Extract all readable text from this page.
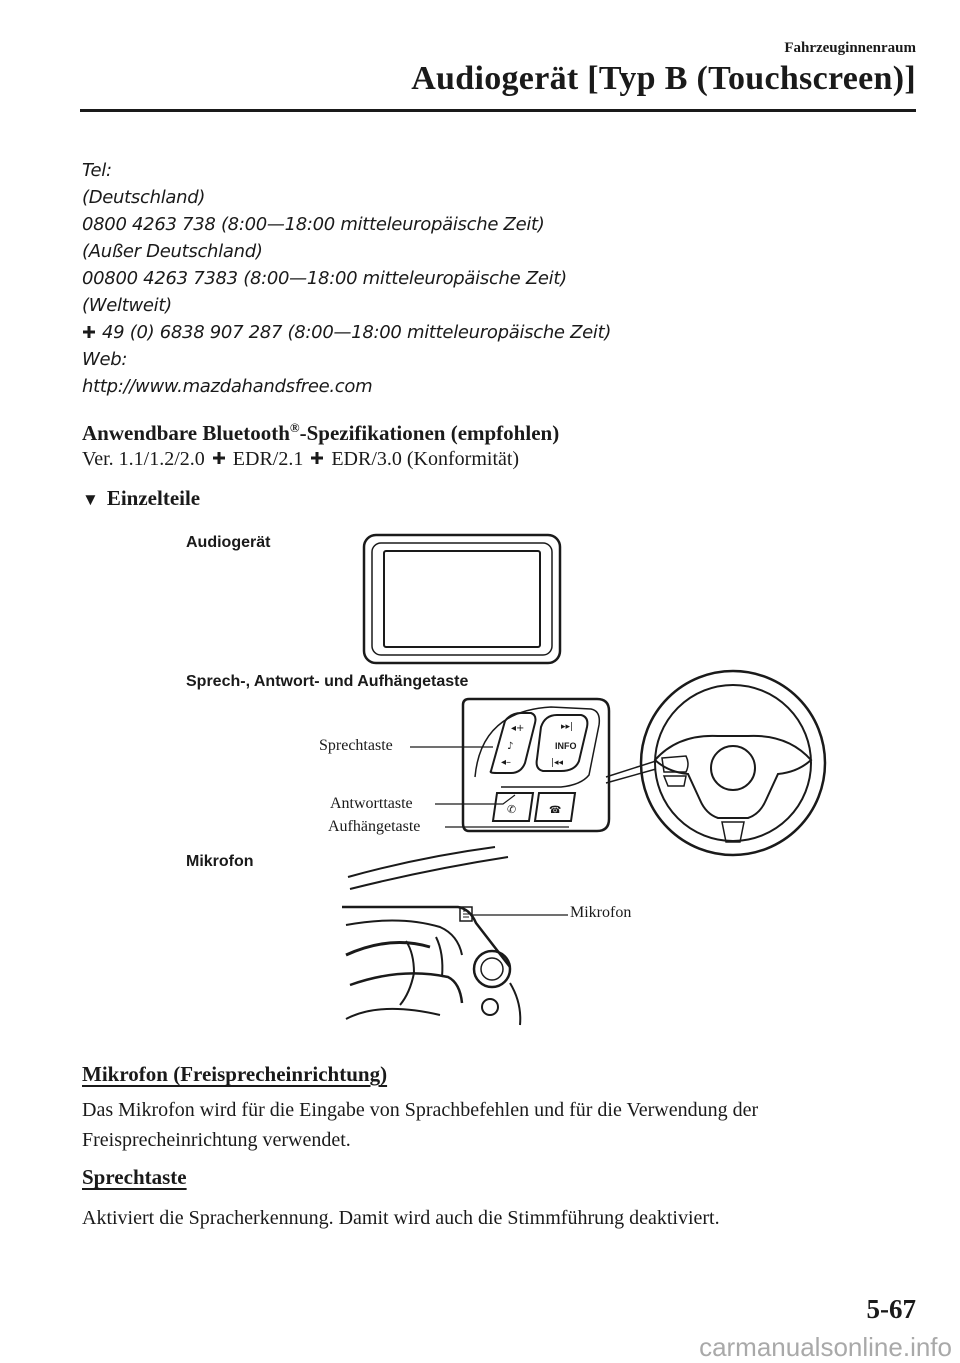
Fahrzeuginnenraum
Audiogerät [Typ B (Touchscreen)]
Tel:
(Deutschland)
0800 4263 738 (8:00—18:00 mitteleuropäische Zeit)
(Außer Deutschland)
00800 4263 7383 (8:00—18:00 mitteleuropäische Zeit)
(Weltweit)
49 (0) 6838 907 287 (8:00—18:00 mitteleuropäische Zeit)
Web:
http://www.mazdahandsfree.com
Anwendbare Bluetooth®-Spezifikationen (empfohlen)
Ver. 1.1/1.2/2.0 EDR/2.1 EDR/3.0 (Konformität)
▼ Einzelteile
Audiogerät
Sprech-, Antwort- und Aufhängetaste
Mikrofon
◂+
♪
◂–
▸▸|
INFO
|◂◂
✆	☎
Sprechtaste
Antworttaste
Aufhängetaste
Mikrofon
Mikrofon (Freisprecheinrichtung)
Das Mikrofon wird für die Eingabe von Sprachbefehlen und für die Verwendung der Freisprecheinrichtung verwendet.
Sprechtaste
Aktiviert die Spracherkennung. Damit wird auch die Stimmführung deaktiviert.
5-67
carmanualsonline.info
